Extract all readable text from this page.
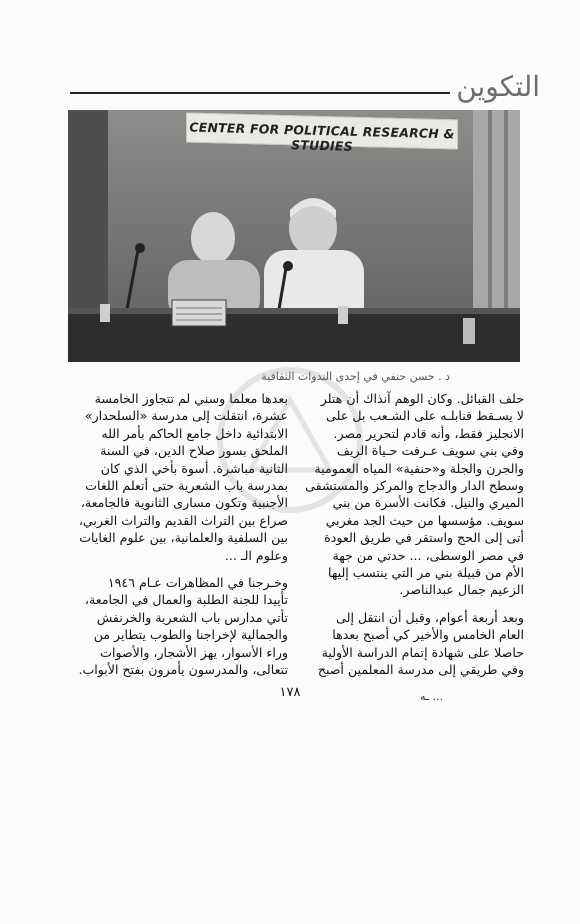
التكوين
CENTER FOR POLITICAL RESEARCH & STUDIES
د . حسن حنفي في إحدى الندوات الثقافية

حلف القبائل. وكان الوهم آنذاك أن هتلر
لا يسـقط قنابلـه على الشـعب بل على
الانجليز فقط، وأنه قادم لتحرير مصر.
وفي بني سويف عـرفت حـياة الريف
والجرن والجلة و«حنفية» المياه العمومية
وسطح الدار والدجاج والمركز والمستشفى
الميري والنيل. فكانت الأسرة من بني
سويف. مؤسسها من حيث الجد مغربي
أتى إلى الحج واستقر في طريق العودة
في مصر الوسطى، ... حدتي من جهة
الأم من قبيلة بني مر التي ينتسب إليها
الزعيم جمال عبدالناصر.

وبعد أربعة أعوام، وقبل أن انتقل إلى
العام الخامس والأخير كي أصبح بعدها
حاصلا على شهادة إتمام الدراسة الأولية
وفي طريقي إلى مدرسة المعلمين أصبح

بعدها معلما وسني لم تتجاوز الخامسة
عشرة، انتقلت إلى مدرسة «السلحدار»
الابتدائية داخل جامع الحاكم بأمر الله
الملحق بسور صلاح الدين، في السنة
الثانية مباشرة. أسوة بأخي الذي كان
بمدرسة باب الشعرية حتى أتعلم اللغات
الأجنبية وتكون مسارى الثانوية فالجامعة،
صراع بين التراث القديم والتراث الغربي،
بين السلفية والعلمانية، بين علوم الغايات
وعلوم الـ ...

وخـرجنا في المظاهرات عـام ١٩٤٦
تأييدا للجنة الطلبة والعمال في الجامعة،
تأتي مدارس باب الشعرية والخرنفش
والجمالية لإخراجنا والطوب يتطاير من
وراء الأسوار، يهز الأشجار، والأصوات
تتعالى، والمدرسون يأمرون بفتح الأبواب.

١٧٨	ـه ...
